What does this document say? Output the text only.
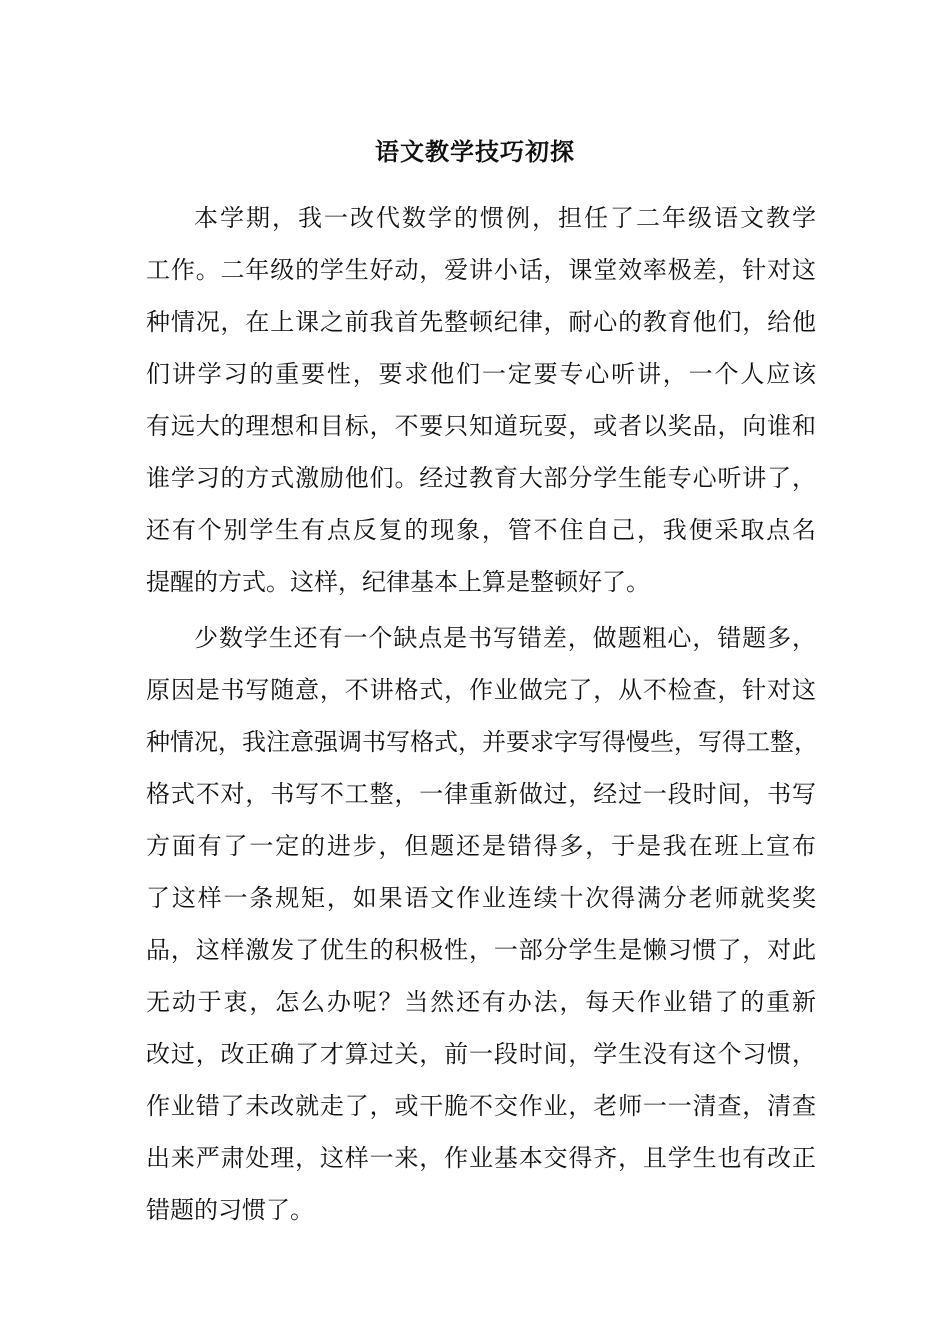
语文教学技巧初探
本学期，我一改代数学的惯例，担任了二年级语文教学
工作。二年级的学生好动，爱讲小话，课堂效率极差，针对这
种情况，在上课之前我首先整顿纪律，耐心的教育他们，给他
们讲学习的重要性，要求他们一定要专心听讲，一个人应该
有远大的理想和目标，不要只知道玩耍，或者以奖品，向谁和
谁学习的方式激励他们。经过教育大部分学生能专心听讲了，
还有个别学生有点反复的现象，管不住自己，我便采取点名
提醒的方式。这样，纪律基本上算是整顿好了。
少数学生还有一个缺点是书写错差，做题粗心，错题多，
原因是书写随意，不讲格式，作业做完了，从不检查，针对这
种情况，我注意强调书写格式，并要求字写得慢些，写得工整，
格式不对，书写不工整，一律重新做过，经过一段时间，书写
方面有了一定的进步，但题还是错得多，于是我在班上宣布
了这样一条规矩，如果语文作业连续十次得满分老师就奖奖
品，这样激发了优生的积极性，一部分学生是懒习惯了，对此
无动于衷，怎么办呢？当然还有办法，每天作业错了的重新
改过，改正确了才算过关，前一段时间，学生没有这个习惯，
作业错了未改就走了，或干脆不交作业，老师一一清查，清查
出来严肃处理，这样一来，作业基本交得齐，且学生也有改正
错题的习惯了。
